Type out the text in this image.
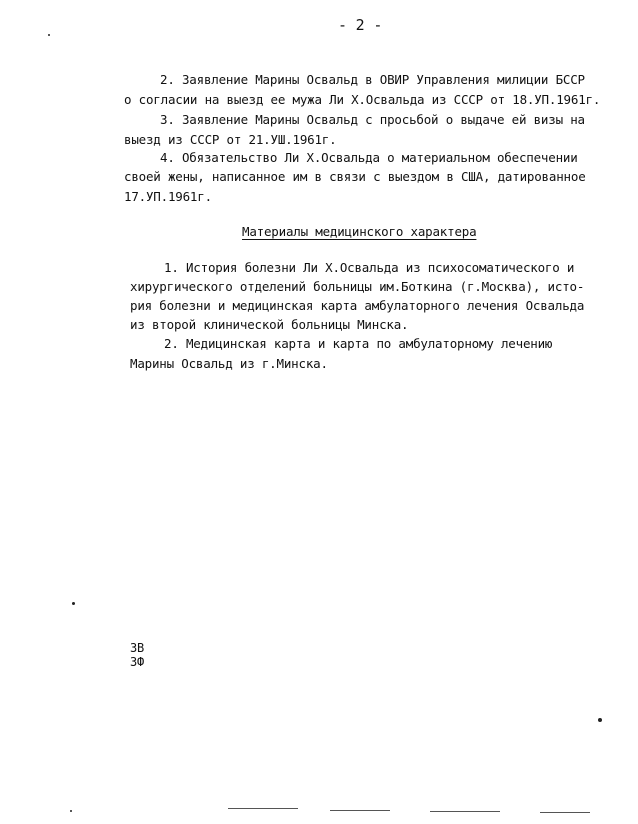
- 2 -
2. Заявление Марины Освальд в ОВИР Управления милиции БССР
о согласии на выезд ее мужа Ли Х.Освальда из СССР от 18.УП.1961г.
3. Заявление Марины Освальд с просьбой о выдаче ей визы на
выезд из СССР от 21.УШ.1961г.
4. Обязательство Ли Х.Освальда о материальном обеспечении
своей жены, написанное им в связи с выездом в США, датированное
17.УП.1961г.
Материалы медицинского характера
1. История болезни Ли Х.Освальда из психосоматического и
хирургического отделений больницы им.Боткина (г.Москва), исто-
рия болезни и медицинская карта амбулаторного лечения Освальда
из второй клинической больницы Минска.
2. Медицинская карта и карта по амбулаторному лечению
Марины Освальд из г.Минска.
ЗВ
ЗФ
